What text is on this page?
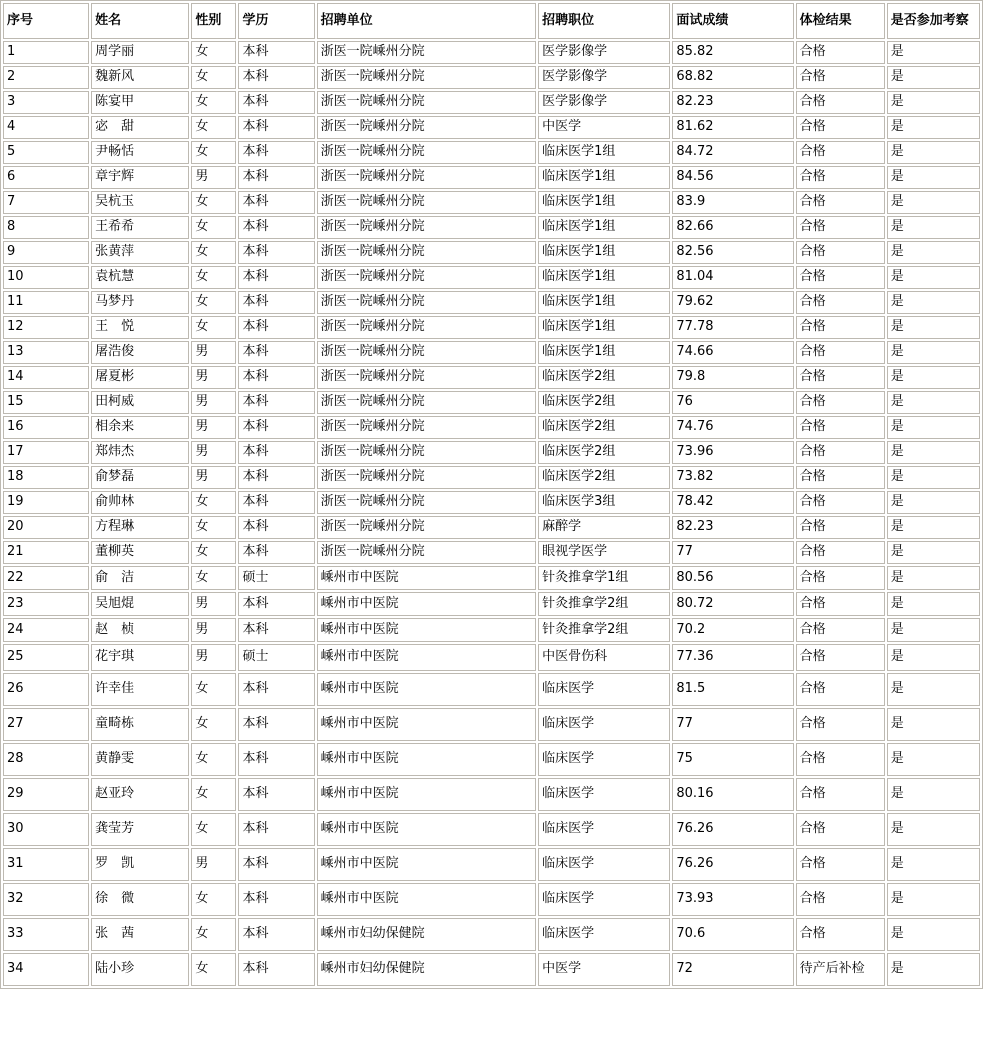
序号	姓名	性别	学历	招聘单位	招聘职位	面试成绩	体检结果	是否参加考察
1	周学丽	女	本科	浙医一院嵊州分院	医学影像学	85.82	合格	是
2	魏新风	女	本科	浙医一院嵊州分院	医学影像学	68.82	合格	是
3	陈宴甲	女	本科	浙医一院嵊州分院	医学影像学	82.23	合格	是
4	宓　甜	女	本科	浙医一院嵊州分院	中医学	81.62	合格	是
5	尹畅恬	女	本科	浙医一院嵊州分院	临床医学1组	84.72	合格	是
6	章宇辉	男	本科	浙医一院嵊州分院	临床医学1组	84.56	合格	是
7	吴杭玉	女	本科	浙医一院嵊州分院	临床医学1组	83.9	合格	是
8	王希希	女	本科	浙医一院嵊州分院	临床医学1组	82.66	合格	是
9	张黄萍	女	本科	浙医一院嵊州分院	临床医学1组	82.56	合格	是
10	袁杭慧	女	本科	浙医一院嵊州分院	临床医学1组	81.04	合格	是
11	马梦丹	女	本科	浙医一院嵊州分院	临床医学1组	79.62	合格	是
12	王　悦	女	本科	浙医一院嵊州分院	临床医学1组	77.78	合格	是
13	屠浩俊	男	本科	浙医一院嵊州分院	临床医学1组	74.66	合格	是
14	屠夏彬	男	本科	浙医一院嵊州分院	临床医学2组	79.8	合格	是
15	田柯威	男	本科	浙医一院嵊州分院	临床医学2组	76	合格	是
16	相余来	男	本科	浙医一院嵊州分院	临床医学2组	74.76	合格	是
17	郑炜杰	男	本科	浙医一院嵊州分院	临床医学2组	73.96	合格	是
18	俞梦磊	男	本科	浙医一院嵊州分院	临床医学2组	73.82	合格	是
19	俞帅林	女	本科	浙医一院嵊州分院	临床医学3组	78.42	合格	是
20	方程琳	女	本科	浙医一院嵊州分院	麻醉学	82.23	合格	是
21	董柳英	女	本科	浙医一院嵊州分院	眼视学医学	77	合格	是
22	俞　洁	女	硕士	嵊州市中医院	针灸推拿学1组	80.56	合格	是
23	吴旭焜	男	本科	嵊州市中医院	针灸推拿学2组	80.72	合格	是
24	赵　桢	男	本科	嵊州市中医院	针灸推拿学2组	70.2	合格	是
25	花宇琪	男	硕士	嵊州市中医院	中医骨伤科	77.36	合格	是
26	许幸佳	女	本科	嵊州市中医院	临床医学	81.5	合格	是
27	童畸栋	女	本科	嵊州市中医院	临床医学	77	合格	是
28	黄静雯	女	本科	嵊州市中医院	临床医学	75	合格	是
29	赵亚玲	女	本科	嵊州市中医院	临床医学	80.16	合格	是
30	龚莹芳	女	本科	嵊州市中医院	临床医学	76.26	合格	是
31	罗　凯	男	本科	嵊州市中医院	临床医学	76.26	合格	是
32	徐　微	女	本科	嵊州市中医院	临床医学	73.93	合格	是
33	张　茜	女	本科	嵊州市妇幼保健院	临床医学	70.6	合格	是
34	陆小珍	女	本科	嵊州市妇幼保健院	中医学	72	待产后补检	是
